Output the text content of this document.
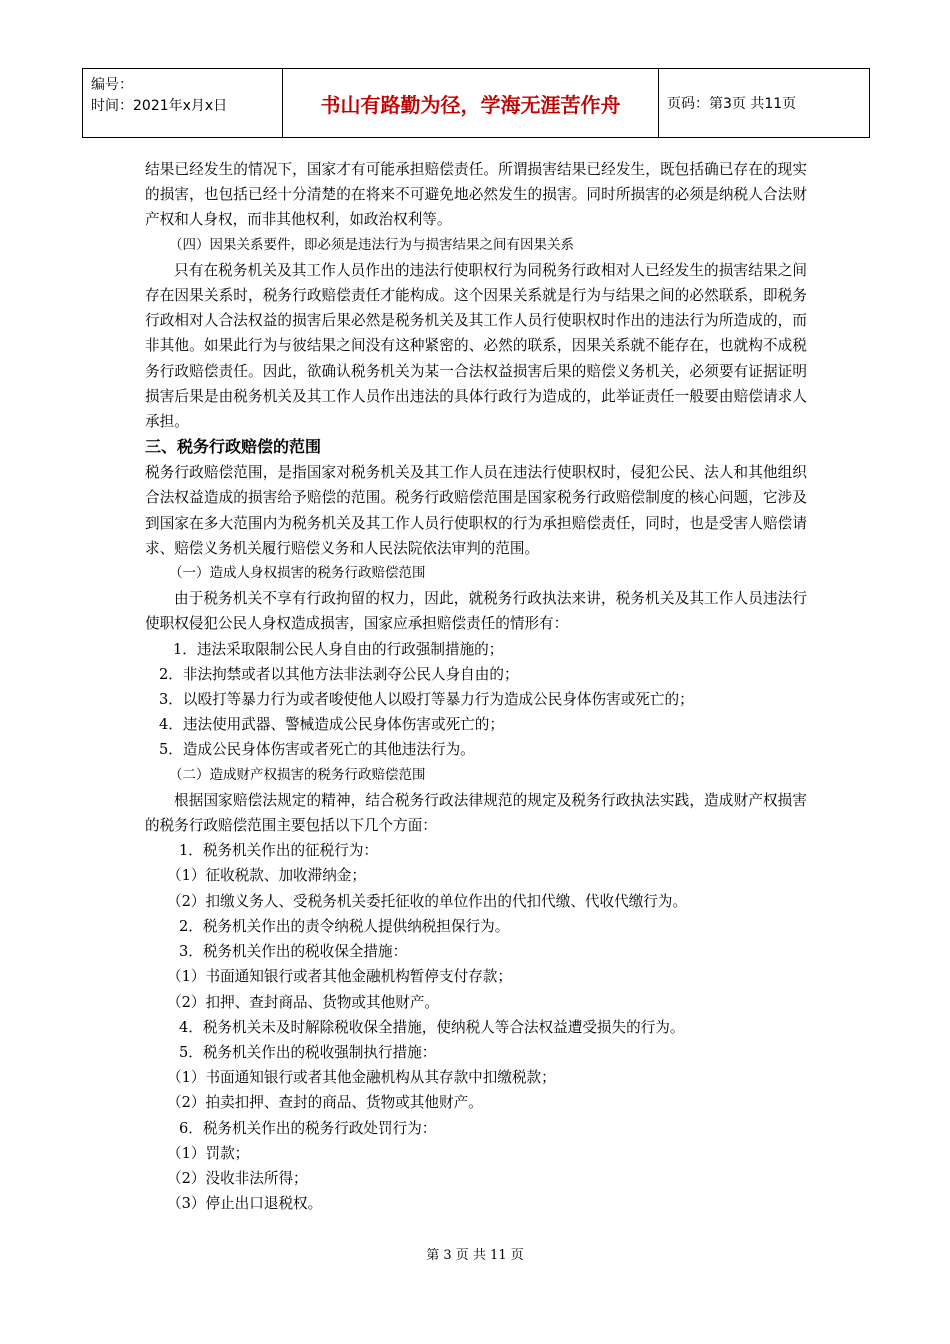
编号：
时间：2021年x月x日	书山有路勤为径，学海无涯苦作舟	页码：第3页 共11页

结果已经发生的情况下，国家才有可能承担赔偿责任。所谓损害结果已经发生，既包括确已存在的现实的损害，也包括已经十分清楚的在将来不可避免地必然发生的损害。同时所损害的必须是纳税人合法财产权和人身权，而非其他权利，如政治权利等。

（四）因果关系要件，即必须是违法行为与损害结果之间有因果关系

只有在税务机关及其工作人员作出的违法行使职权行为同税务行政相对人已经发生的损害结果之间存在因果关系时，税务行政赔偿责任才能构成。这个因果关系就是行为与结果之间的必然联系，即税务行政相对人合法权益的损害后果必然是税务机关及其工作人员行使职权时作出的违法行为所造成的，而非其他。如果此行为与彼结果之间没有这种紧密的、必然的联系，因果关系就不能存在，也就构不成税务行政赔偿责任。因此，欲确认税务机关为某一合法权益损害后果的赔偿义务机关，必须要有证据证明损害后果是由税务机关及其工作人员作出违法的具体行政行为造成的，此举证责任一般要由赔偿请求人承担。

三、税务行政赔偿的范围

税务行政赔偿范围，是指国家对税务机关及其工作人员在违法行使职权时，侵犯公民、法人和其他组织合法权益造成的损害给予赔偿的范围。税务行政赔偿范围是国家税务行政赔偿制度的核心问题，它涉及到国家在多大范围内为税务机关及其工作人员行使职权的行为承担赔偿责任，同时，也是受害人赔偿请求、赔偿义务机关履行赔偿义务和人民法院依法审判的范围。

（一）造成人身权损害的税务行政赔偿范围

由于税务机关不享有行政拘留的权力，因此，就税务行政执法来讲，税务机关及其工作人员违法行使职权侵犯公民人身权造成损害，国家应承担赔偿责任的情形有：

1．违法采取限制公民人身自由的行政强制措施的；

2．非法拘禁或者以其他方法非法剥夺公民人身自由的；

3．以殴打等暴力行为或者唆使他人以殴打等暴力行为造成公民身体伤害或死亡的；

4．违法使用武器、警械造成公民身体伤害或死亡的；

5．造成公民身体伤害或者死亡的其他违法行为。

（二）造成财产权损害的税务行政赔偿范围

根据国家赔偿法规定的精神，结合税务行政法律规范的规定及税务行政执法实践，造成财产权损害的税务行政赔偿范围主要包括以下几个方面：

1．税务机关作出的征税行为：

（1）征收税款、加收滞纳金；

（2）扣缴义务人、受税务机关委托征收的单位作出的代扣代缴、代收代缴行为。

2．税务机关作出的责令纳税人提供纳税担保行为。

3．税务机关作出的税收保全措施：

（1）书面通知银行或者其他金融机构暂停支付存款；

（2）扣押、查封商品、货物或其他财产。

4．税务机关未及时解除税收保全措施，使纳税人等合法权益遭受损失的行为。

5．税务机关作出的税收强制执行措施：

（1）书面通知银行或者其他金融机构从其存款中扣缴税款；

（2）拍卖扣押、查封的商品、货物或其他财产。

6．税务机关作出的税务行政处罚行为：

（1）罚款；

（2）没收非法所得；

（3）停止出口退税权。

第 3 页 共 11 页
